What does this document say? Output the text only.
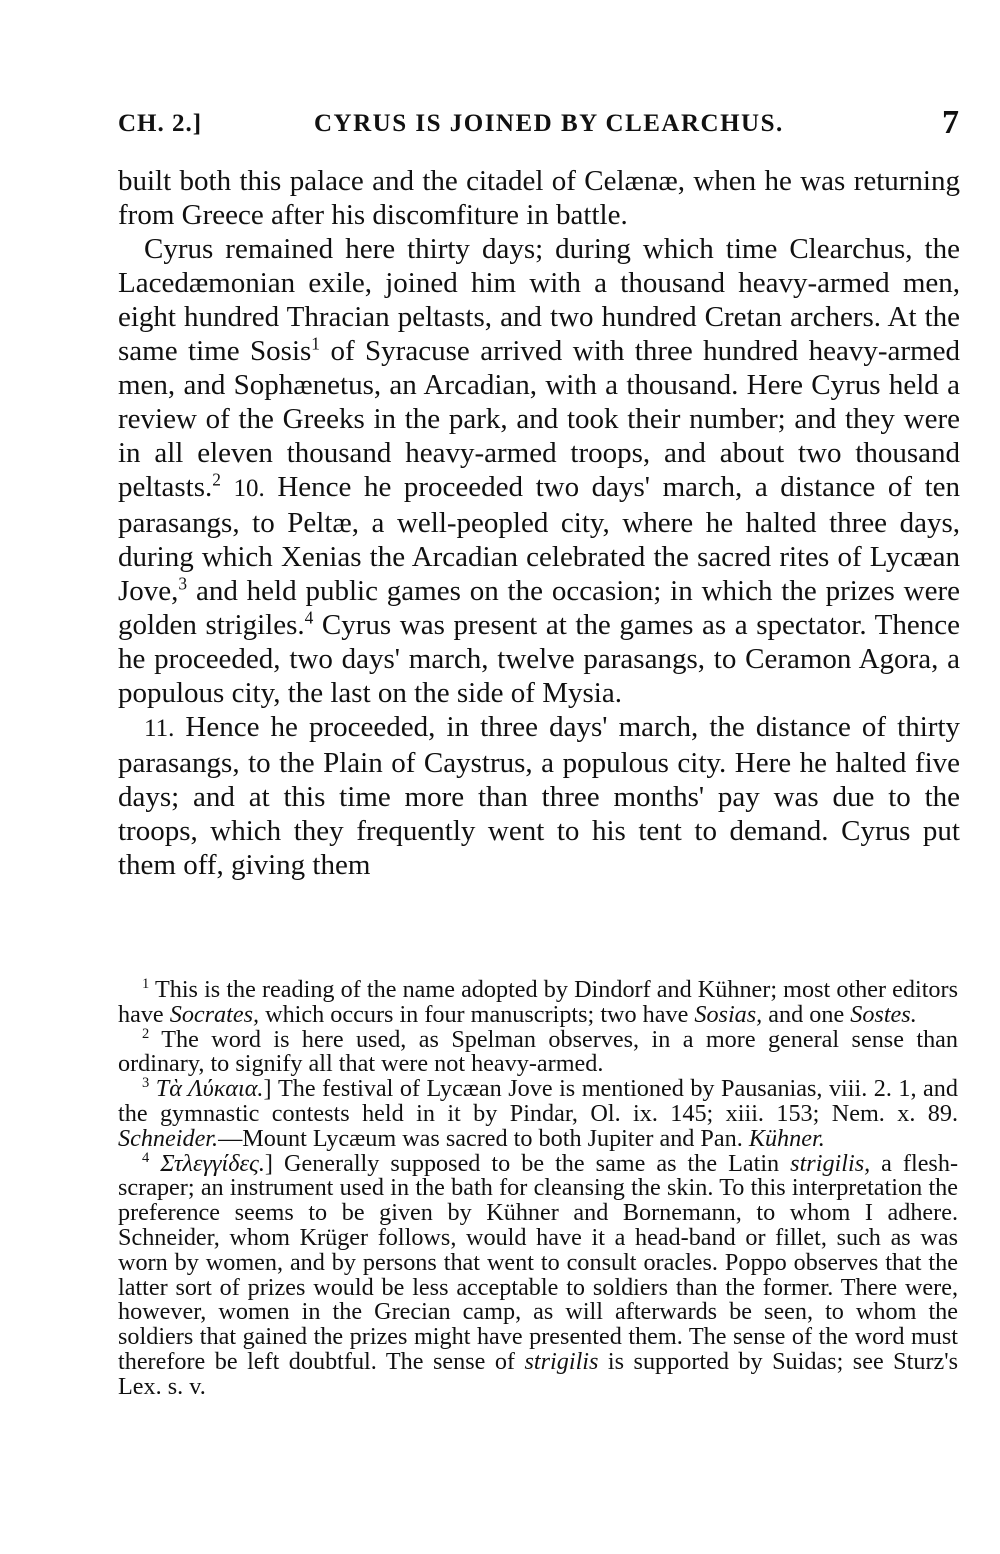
CH. 2.]	CYRUS IS JOINED BY CLEARCHUS.	7

built both this palace and the citadel of Celænæ, when he was returning from Greece after his discomfiture in battle.

Cyrus remained here thirty days; during which time Clearchus, the Lacedæmonian exile, joined him with a thousand heavy-armed men, eight hundred Thracian peltasts, and two hundred Cretan archers. At the same time Sosis$^1$ of Syracuse arrived with three hundred heavy-armed men, and Sophænetus, an Arcadian, with a thousand. Here Cyrus held a review of the Greeks in the park, and took their number; and they were in all eleven thousand heavy-armed troops, and about two thousand peltasts.$^2$ 10. Hence he proceeded two days' march, a distance of ten parasangs, to Peltæ, a well-peopled city, where he halted three days, during which Xenias the Arcadian celebrated the sacred rites of Lycæan Jove,$^3$ and held public games on the occasion; in which the prizes were golden strigiles.$^4$ Cyrus was present at the games as a spectator. Thence he proceeded, two days' march, twelve parasangs, to Ceramon Agora, a populous city, the last on the side of Mysia.

11. Hence he proceeded, in three days' march, the distance of thirty parasangs, to the Plain of Caystrus, a populous city. Here he halted five days; and at this time more than three months' pay was due to the troops, which they frequently went to his tent to demand. Cyrus put them off, giving them

$^1$ This is the reading of the name adopted by Dindorf and Kühner; most other editors have Socrates, which occurs in four manuscripts; two have Sosias, and one Sostes.

$^2$ The word is here used, as Spelman observes, in a more general sense than ordinary, to signify all that were not heavy-armed.

$^3$ Τὰ Λύκαια.] The festival of Lycæan Jove is mentioned by Pausanias, viii. 2. 1, and the gymnastic contests held in it by Pindar, Ol. ix. 145; xiii. 153; Nem. x. 89. Schneider.—Mount Lycæum was sacred to both Jupiter and Pan. Kühner.

$^4$ Στλεγγίδες.] Generally supposed to be the same as the Latin strigilis, a flesh-scraper; an instrument used in the bath for cleansing the skin. To this interpretation the preference seems to be given by Kühner and Bornemann, to whom I adhere. Schneider, whom Krüger follows, would have it a head-band or fillet, such as was worn by women, and by persons that went to consult oracles. Poppo observes that the latter sort of prizes would be less acceptable to soldiers than the former. There were, however, women in the Grecian camp, as will afterwards be seen, to whom the soldiers that gained the prizes might have presented them. The sense of the word must therefore be left doubtful. The sense of strigilis is supported by Suidas; see Sturz's Lex. s. v.
